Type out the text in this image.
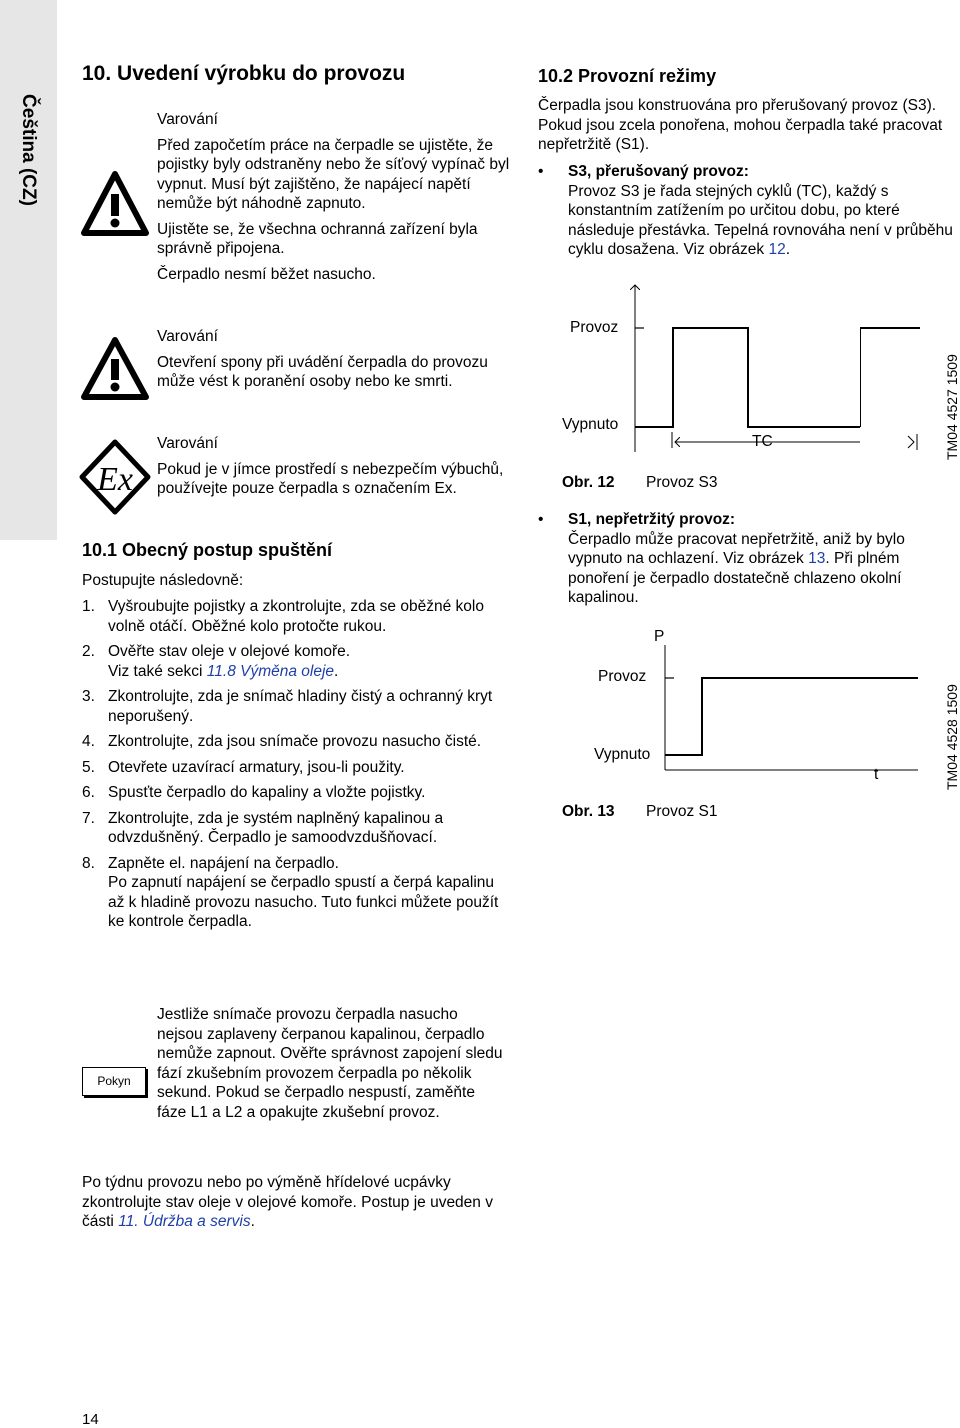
Čeština (CZ)
10. Uvedení výrobku do provozu

Varování

Před započetím práce na čerpadle se ujistěte, že pojistky byly odstraněny nebo že síťový vypínač byl vypnut. Musí být zajištěno, že napájecí napětí nemůže být náhodně zapnuto.

Ujistěte se, že všechna ochranná zařízení byla správně připojena.

Čerpadlo nesmí běžet nasucho.

Varování

Otevření spony při uvádění čerpadla do provozu může vést k poranění osoby nebo ke smrti.

Ex

Varování

Pokud je v jímce prostředí s nebezpečím výbuchů, používejte pouze čerpadla s označením Ex.

10.1 Obecný postup spuštění
Postupujte následovně:
1. Vyšroubujte pojistky a zkontrolujte, zda se oběžné kolo volně otáčí. Oběžné kolo protočte rukou.
2. Ověřte stav oleje v olejové komoře.
Viz také sekci 11.8 Výměna oleje.
3. Zkontrolujte, zda je snímač hladiny čistý a ochranný kryt neporušený.
4. Zkontrolujte, zda jsou snímače provozu nasucho čisté.
5. Otevřete uzavírací armatury, jsou-li použity.
6. Spusťte čerpadlo do kapaliny a vložte pojistky.
7. Zkontrolujte, zda je systém naplněný kapalinou a odvzdušněný. Čerpadlo je samoodvzdušňovací.
8. Zapněte el. napájení na čerpadlo.
Po zapnutí napájení se čerpadlo spustí a čerpá kapalinu až k hladině provozu nasucho. Tuto funkci můžete použít ke kontrole čerpadla.
Pokyn
Jestliže snímače provozu čerpadla nasucho nejsou zaplaveny čerpanou kapalinou, čerpadlo nemůže zapnout. Ověřte správnost zapojení sledu fází zkušebním provozem čerpadla po několik sekund. Pokud se čerpadlo nespustí, zaměňte fáze L1 a L2 a opakujte zkušební provoz.
Po týdnu provozu nebo po výměně hřídelové ucpávky zkontrolujte stav oleje v olejové komoře. Postup je uveden v části 11. Údržba a servis.
10.2 Provozní režimy
Čerpadla jsou konstruována pro přerušovaný provoz (S3). Pokud jsou zcela ponořena, mohou čerpadla také pracovat nepřetržitě (S1).
• S3, přerušovaný provoz:
Provoz S3 je řada stejných cyklů (TC), každý s konstantním zatížením po určitou dobu, po které následuje přestávka. Tepelná rovnováha není v průběhu cyklu dosažena. Viz obrázek 12.
Provoz
Vypnuto
TC
Obr. 12 Provoz S3
TM04 4527 1509
• S1, nepřetržitý provoz:
Čerpadlo může pracovat nepřetržitě, aniž by bylo vypnuto na ochlazení. Viz obrázek 13. Při plném ponoření je čerpadlo dostatečně chlazeno okolní kapalinou.
P
Provoz
Vypnuto
t
Obr. 13 Provoz S1
TM04 4528 1509
14
